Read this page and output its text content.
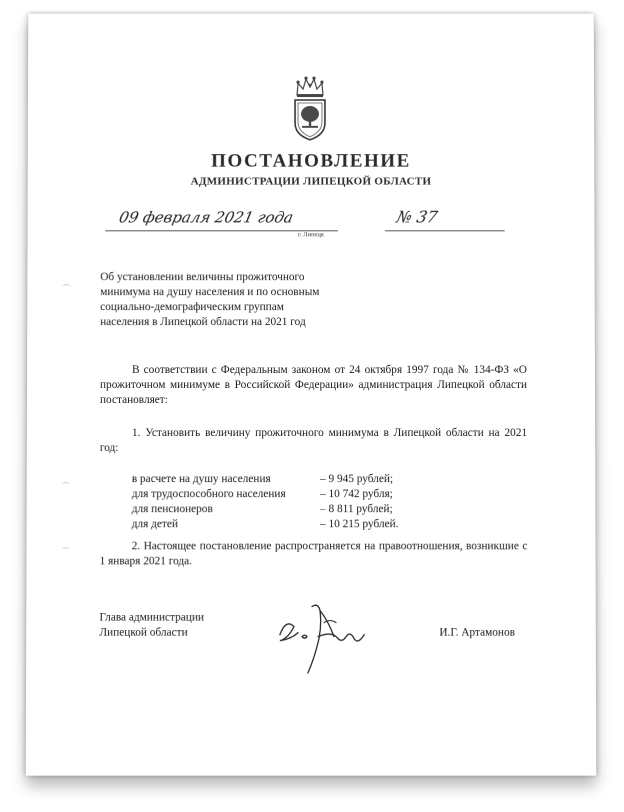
ПОСТАНОВЛЕНИЕ
АДМИНИСТРАЦИИ ЛИПЕЦКОЙ ОБЛАСТИ
09 февраля 2021 года
г. Липецк
№ 37
Об установлении величины прожиточного
минимума на душу населения и по основным
социально-демографическим группам
населения в Липецкой области на 2021 год

В соответствии с Федеральным законом от 24 октября 1997 года № 134-ФЗ «О прожиточном минимуме в Российской Федерации» администрация Липецкой области постановляет:

1. Установить величину прожиточного минимума в Липецкой области на 2021 год:

в расчете на душу населения	– 9 945 рублей;
для трудоспособного населения	– 10 742 рубля;
для пенсионеров	– 8 811 рублей;
для детей	– 10 215 рублей.

2. Настоящее постановление распространяется на правоотношения, возникшие с 1 января 2021 года.

Глава администрации
Липецкой области	И.Г. Артамонов
